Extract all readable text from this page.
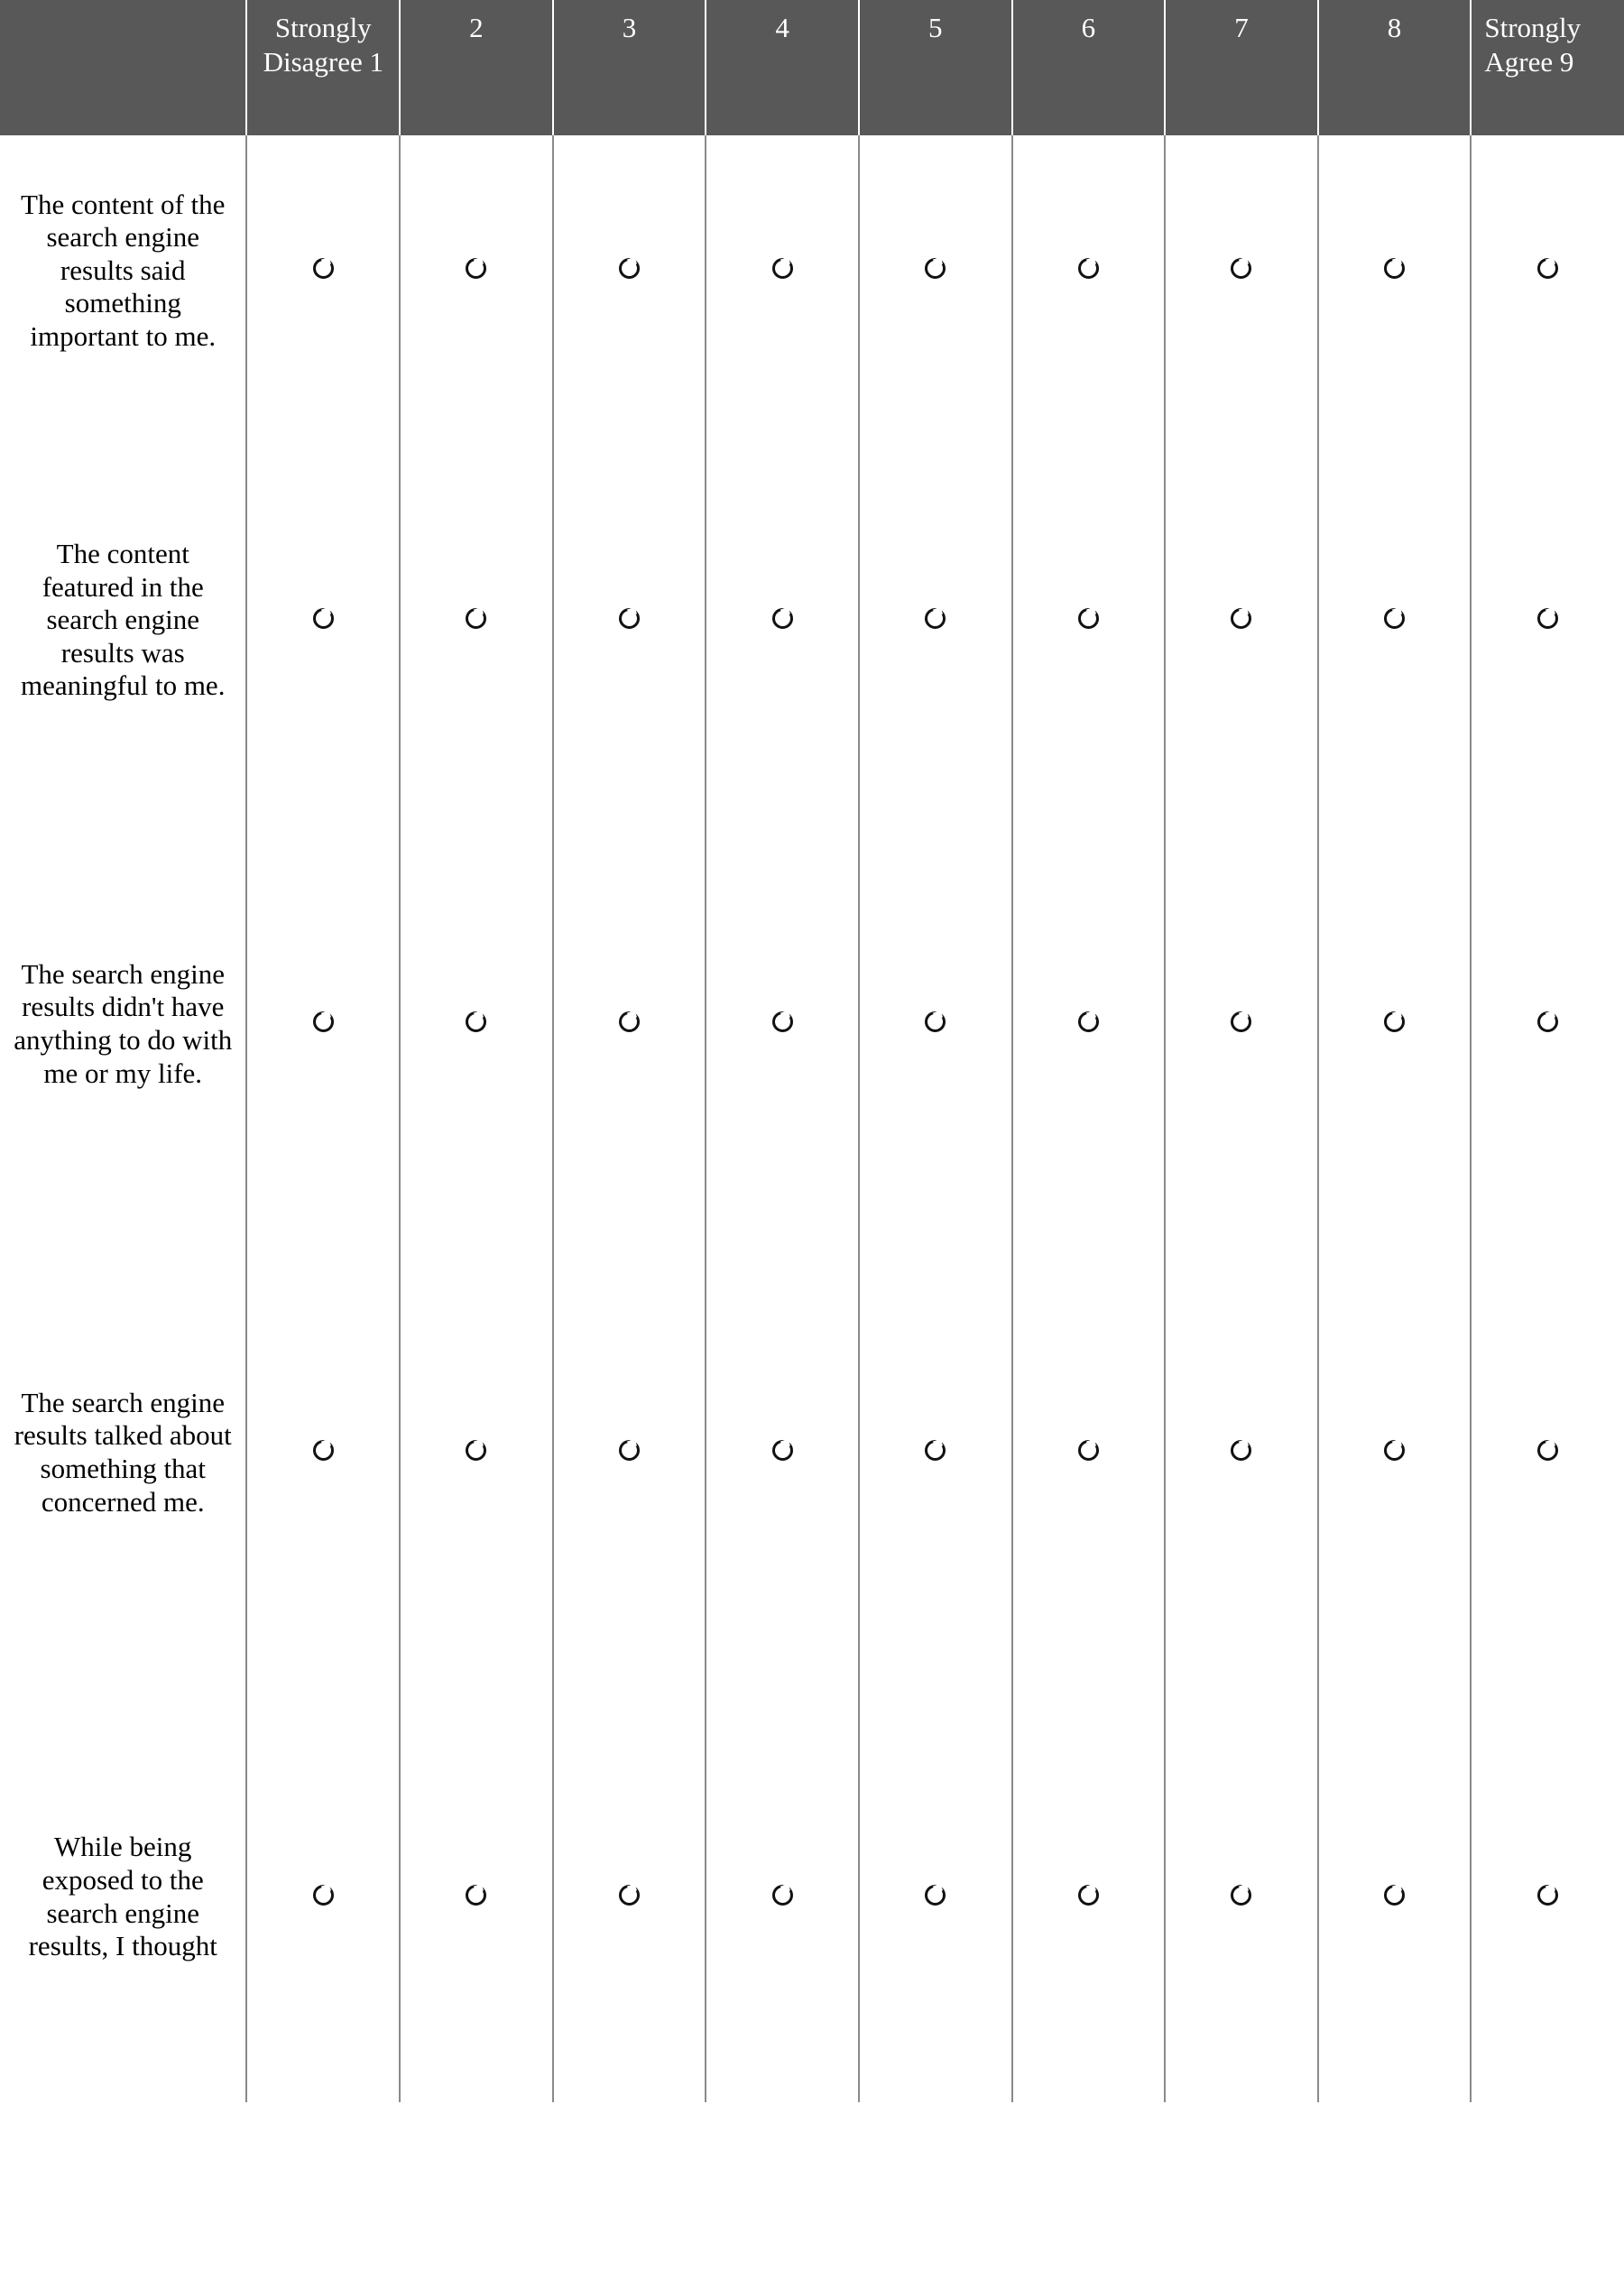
	Strongly Disagree 1	2	3	4	5	6	7	8	Strongly Agree 9

The content of the search engine results said something important to me.									
The content featured in the search engine results was meaningful to me.									
The search engine results didn't have anything to do with me or my life.									
The search engine results talked about something that concerned me.									
While being exposed to the search engine results, I thought									
